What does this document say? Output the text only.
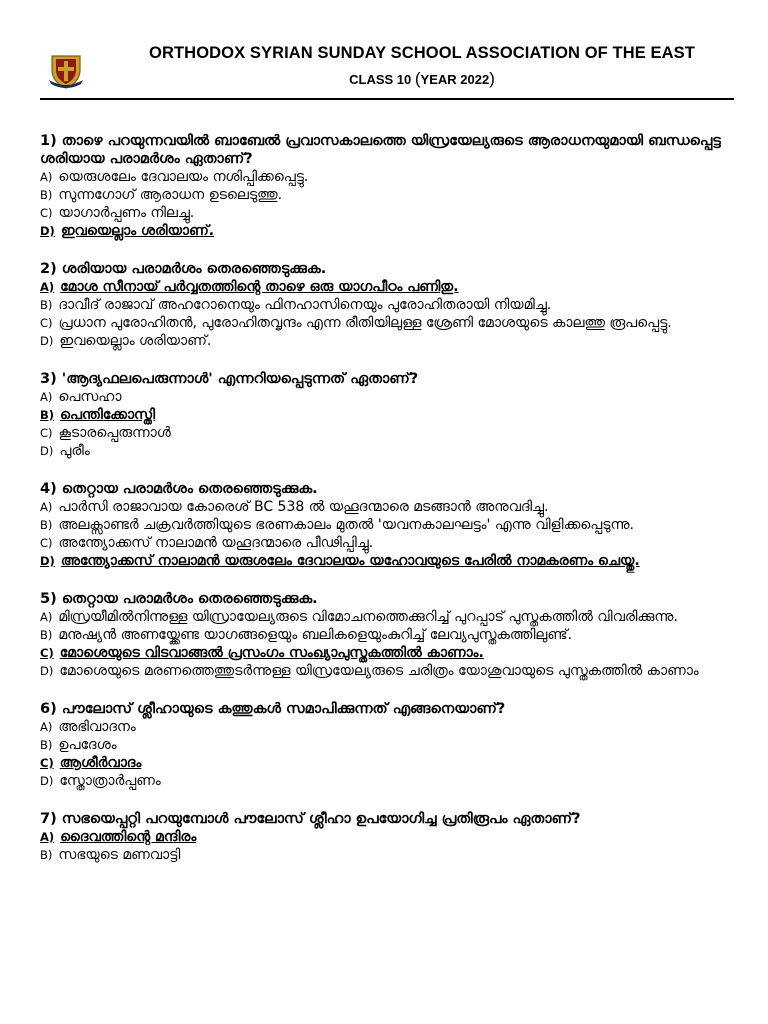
ORTHODOX SYRIAN SUNDAY SCHOOL ASSOCIATION OF THE EAST
CLASS 10 (YEAR 2022)

1) താഴെ പറയുന്നവയിൽ ബാബേൽ പ്രവാസകാലത്തെ യിസ്രയേല്യരുടെ ആരാധനയുമായി ബന്ധപ്പെട്ട ശരിയായ പരാമർശം ഏതാണ്?

A) യെരുശലേം ദേവാലയം നശിപ്പിക്കപ്പെട്ടു.

B) സുന്നഗോഗ് ആരാധന ഉടലെടുത്തു.

C) യാഗാർപ്പണം നിലച്ചു.

D) ഇവയെല്ലാം ശരിയാണ്.

2) ശരിയായ പരാമർശം തെരഞ്ഞെടുക്കുക.

A) മോശ സീനായ് പർവ്വതത്തിന്റെ താഴെ ഒരു യാഗപീഠം പണിതു.

B) ദാവീദ് രാജാവ് അഹറോനെയും ഫിനഹാസിനെയും പുരോഹിതരായി നിയമിച്ചു.

C) പ്രധാന പുരോഹിതൻ, പുരോഹിതവൃന്ദം എന്ന രീതിയിലുള്ള ശ്രേണി മോശയുടെ കാലത്തു രൂപപ്പെട്ടു.

D) ഇവയെല്ലാം ശരിയാണ്.

3) 'ആദ്യഫലപെരുന്നാൾ' എന്നറിയപ്പെടുന്നത് ഏതാണ്?

A) പെസഹാ

B) പെന്തിക്കോസ്തി

C) കൂടാരപ്പെരുന്നാൾ

D) പുരീം

4) തെറ്റായ പരാമർശം തെരഞ്ഞെടുക്കുക.

A) പാർസി രാജാവായ കോരെശ് BC 538 ൽ യഹൂദന്മാരെ മടങ്ങാൻ അനുവദിച്ചു.

B) അലക്സാണ്ടർ ചക്രവർത്തിയുടെ ഭരണകാലം മുതൽ 'യവനകാലഘട്ടം' എന്നു വിളിക്കപ്പെടുന്നു.

C) അന്ത്യോക്കസ് നാലാമൻ യഹൂദന്മാരെ പീഢിപ്പിച്ചു.

D) അന്ത്യോക്കസ് നാലാമൻ യരുശലേം ദേവാലയം യഹോവയുടെ പേരിൽ നാമകരണം ചെയ്തു.

5) തെറ്റായ പരാമർശം തെരഞ്ഞെടുക്കുക.

A) മിസ്രയീമിൽനിന്നുള്ള യിസ്രായേല്യരുടെ വിമോചനത്തെക്കുറിച്ച് പുറപ്പാട് പുസ്തകത്തിൽ വിവരിക്കുന്നു.

B) മനുഷ്യൻ അണയ്ക്കേണ്ട യാഗങ്ങളെയും ബലികളെയുംകുറിച്ച് ലേവ്യപുസ്തകത്തിലുണ്ട്.

C) മോശെയുടെ വിടവാങ്ങൽ പ്രസംഗം സംഖ്യാപുസ്തകത്തിൽ കാണാം.

D) മോശെയുടെ മരണത്തെത്തുടർന്നുള്ള യിസ്രയേല്യരുടെ ചരിത്രം യോശുവായുടെ പുസ്തകത്തിൽ കാണാം

6) പൗലോസ് ശ്ലീഹായുടെ കത്തുകൾ സമാപിക്കുന്നത് എങ്ങനെയാണ്?

A) അഭിവാദനം

B) ഉപദേശം

C) ആശീർവാദം

D) സ്തോത്രാർപ്പണം

7) സഭയെപ്പറ്റി പറയുമ്പോൾ പൗലോസ് ശ്ലീഹാ ഉപയോഗിച്ച പ്രതിരൂപം ഏതാണ്?

A) ദൈവത്തിന്റെ മന്ദിരം

B) സഭയുടെ മണവാട്ടി
